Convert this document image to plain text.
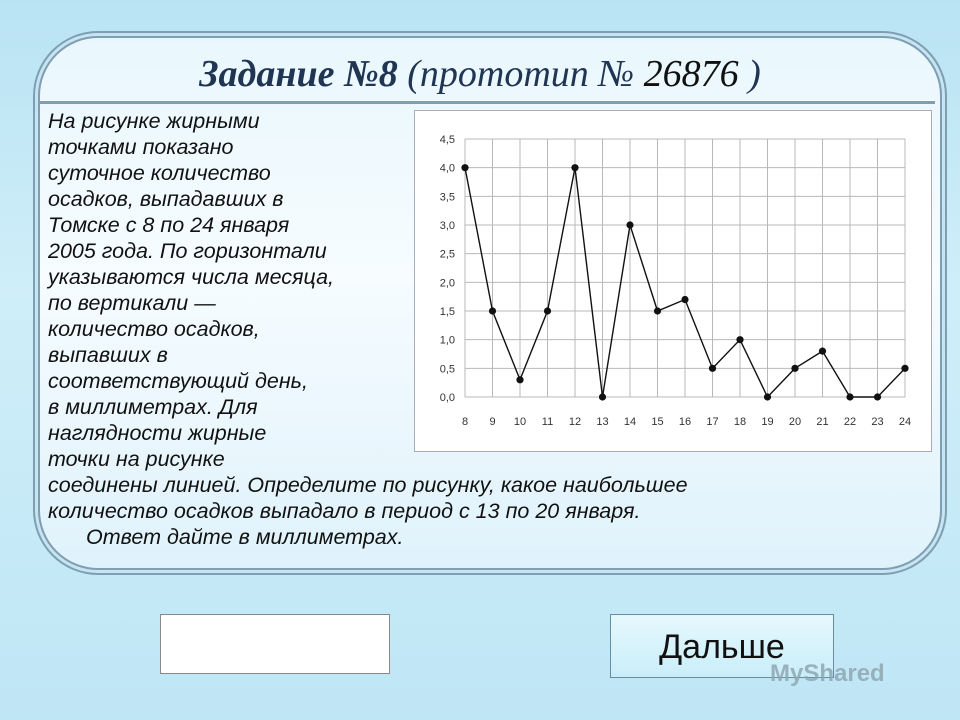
Задание №8 (прототип № 26876 )
На рисунке жирными
точками показано
суточное количество
осадков, выпадавших в
Томске с 8 по 24 января
2005 года. По горизонтали
указываются числа месяца,
по вертикали —
количество осадков,
выпавших в
соответствующий день,
в миллиметрах. Для
наглядности жирные
точки на рисунке
соединены линией. Определите по рисунку, какое наибольшее
количество осадков выпадало в период с 13 по 20 января.
Ответ дайте в миллиметрах.
0,0
0,5
1,0
1,5
2,0
2,5
3,0
3,5
4,0
4,5
8 9 10 11 12 13 14 15 16 17 18 19 20 21 22 23 24
Дальше
MyShared
